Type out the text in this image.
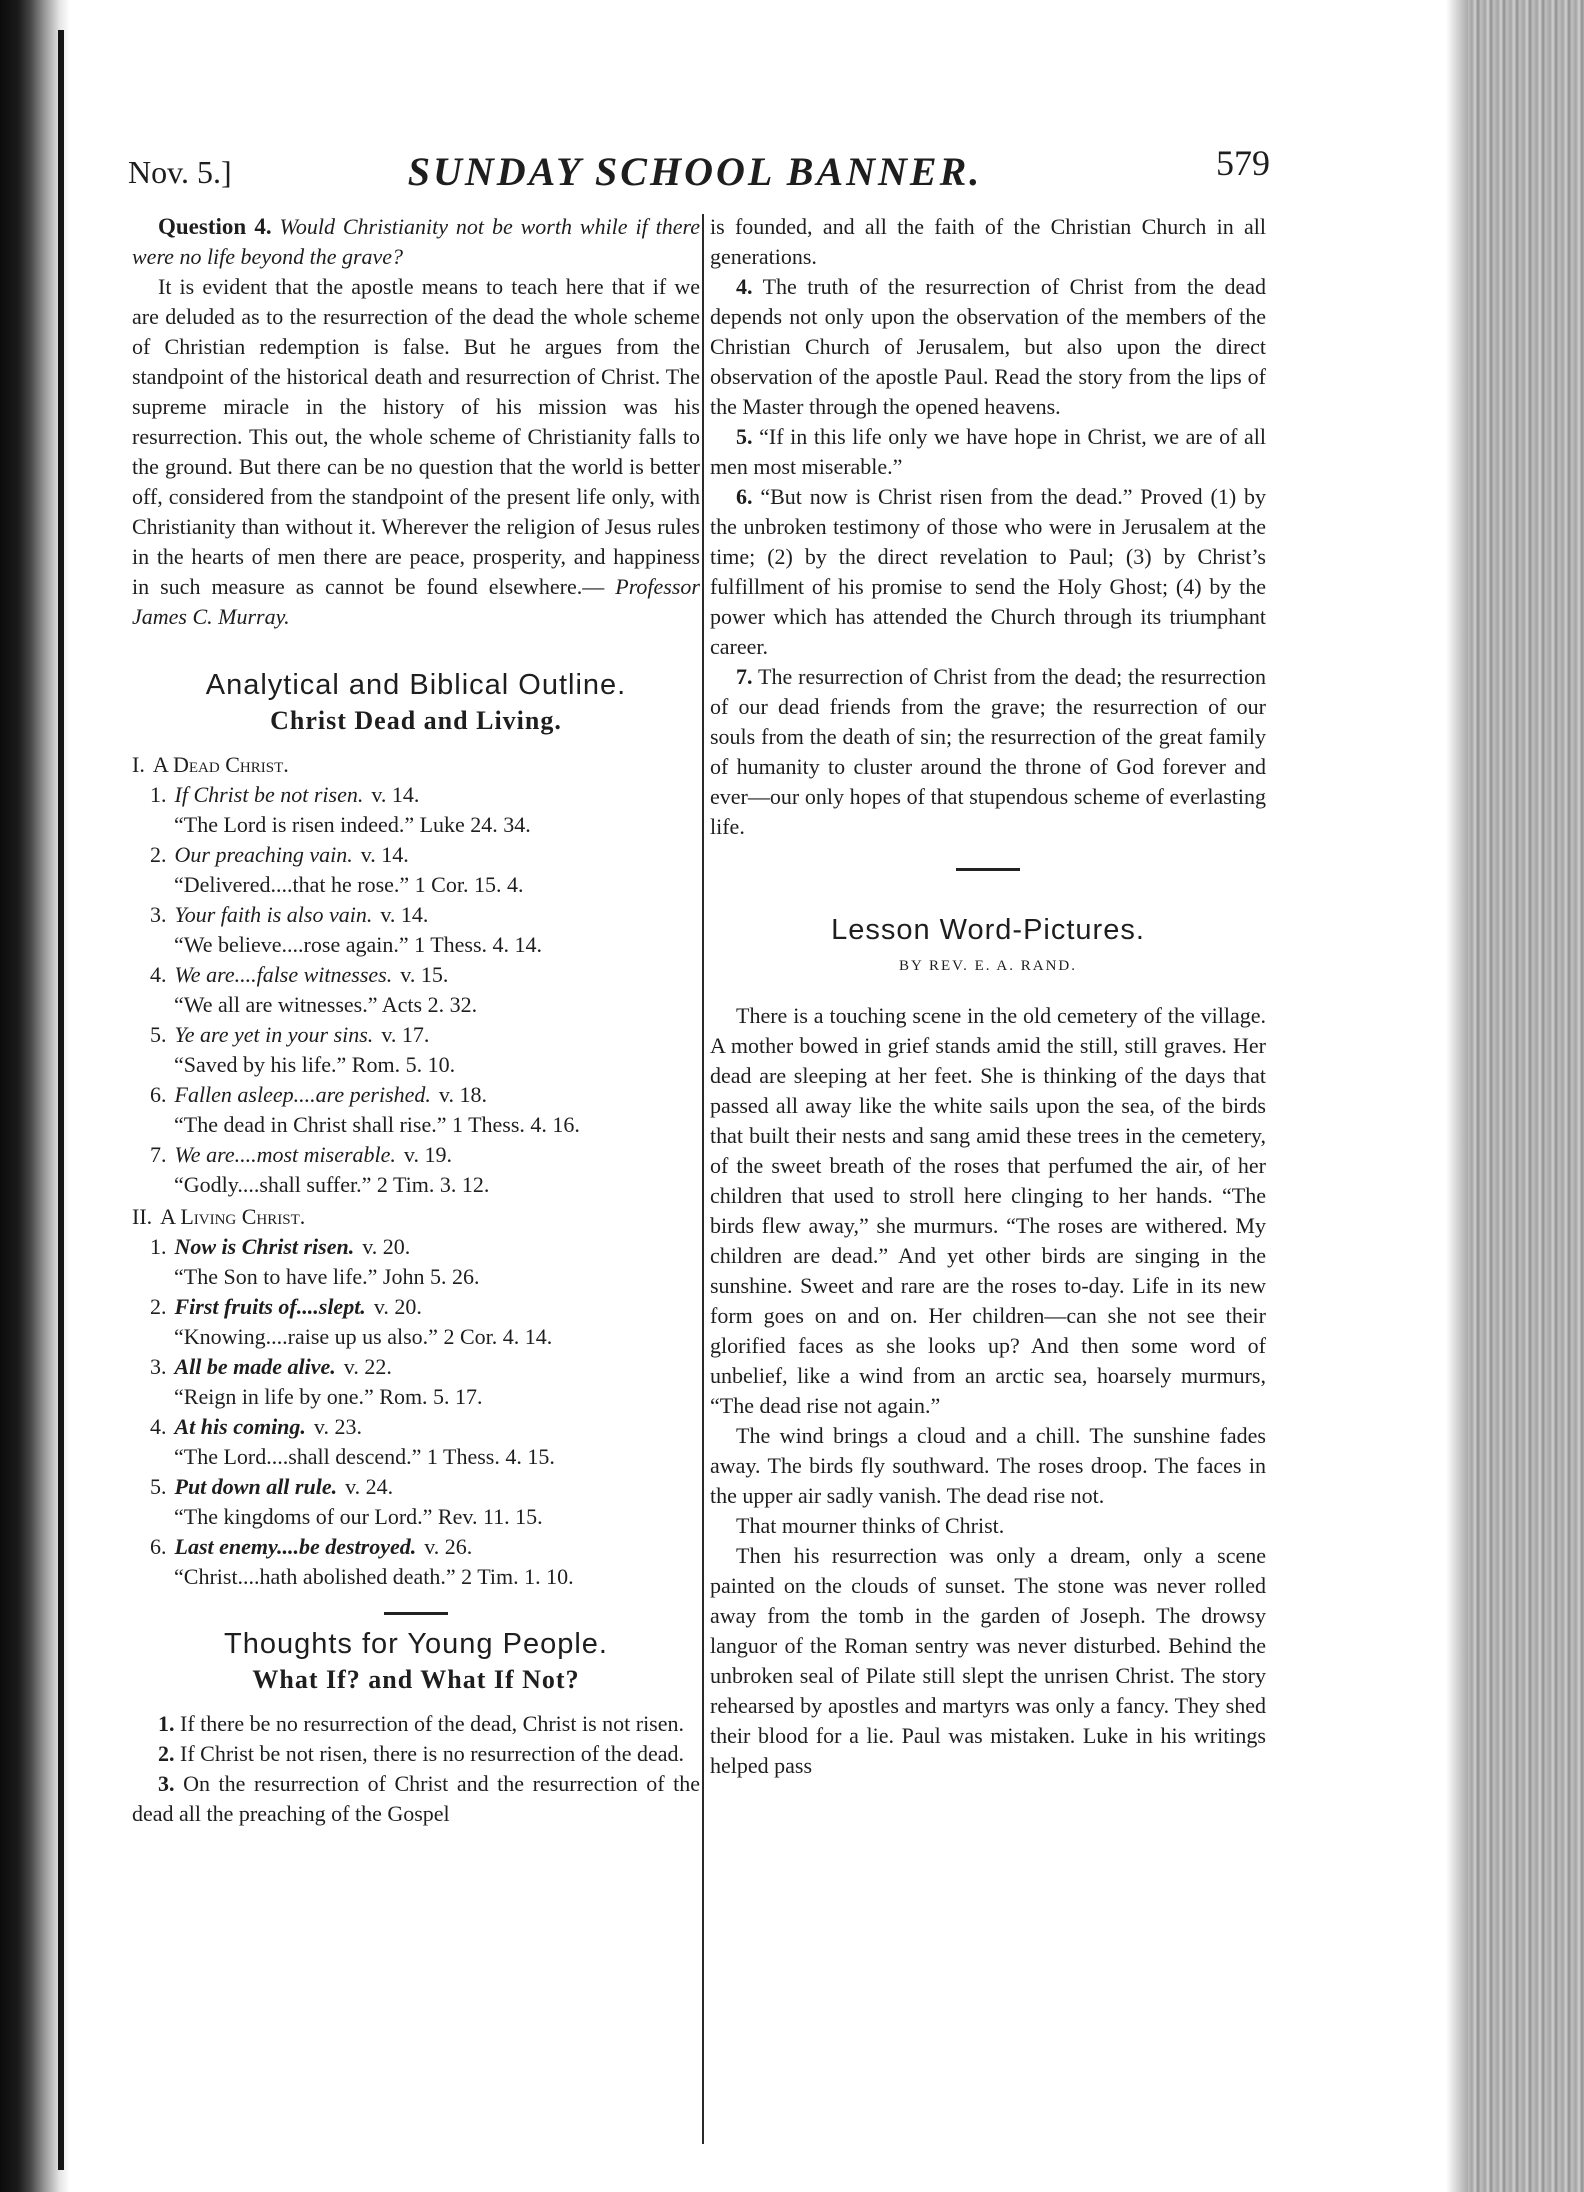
SUNDAY SCHOOL BANNER.
Nov. 5.]	579

Question 4. Would Christianity not be worth while if there were no life beyond the grave?

It is evident that the apostle means to teach here that if we are deluded as to the resurrection of the dead the whole scheme of Christian redemption is false. But he argues from the standpoint of the historical death and resurrection of Christ. The supreme miracle in the history of his mission was his resurrection. This out, the whole scheme of Christianity falls to the ground. But there can be no question that the world is better off, considered from the standpoint of the present life only, with Christianity than without it. Wherever the religion of Jesus rules in the hearts of men there are peace, prosperity, and happiness in such measure as cannot be found elsewhere.— Professor James C. Murray.

Analytical and Biblical Outline.
Christ Dead and Living.

I. A Dead Christ.

1. If Christ be not risen. v. 14.

“The Lord is risen indeed.” Luke 24. 34.

2. Our preaching vain. v. 14.

“Delivered....that he rose.” 1 Cor. 15. 4.

3. Your faith is also vain. v. 14.

“We believe....rose again.” 1 Thess. 4. 14.

4. We are....false witnesses. v. 15.

“We all are witnesses.” Acts 2. 32.

5. Ye are yet in your sins. v. 17.

“Saved by his life.” Rom. 5. 10.

6. Fallen asleep....are perished. v. 18.

“The dead in Christ shall rise.” 1 Thess. 4. 16.

7. We are....most miserable. v. 19.

“Godly....shall suffer.” 2 Tim. 3. 12.

II. A Living Christ.

1. Now is Christ risen. v. 20.

“The Son to have life.” John 5. 26.

2. First fruits of....slept. v. 20.

“Knowing....raise up us also.” 2 Cor. 4. 14.

3. All be made alive. v. 22.

“Reign in life by one.” Rom. 5. 17.

4. At his coming. v. 23.

“The Lord....shall descend.” 1 Thess. 4. 15.

5. Put down all rule. v. 24.

“The kingdoms of our Lord.” Rev. 11. 15.

6. Last enemy....be destroyed. v. 26.

“Christ....hath abolished death.” 2 Tim. 1. 10.

Thoughts for Young People.
What If? and What If Not?

1. If there be no resurrection of the dead, Christ is not risen.

2. If Christ be not risen, there is no resurrection of the dead.

3. On the resurrection of Christ and the resurrection of the dead all the preaching of the Gospel

is founded, and all the faith of the Christian Church in all generations.

4. The truth of the resurrection of Christ from the dead depends not only upon the observation of the members of the Christian Church of Jerusalem, but also upon the direct observation of the apostle Paul. Read the story from the lips of the Master through the opened heavens.

5. “If in this life only we have hope in Christ, we are of all men most miserable.”

6. “But now is Christ risen from the dead.” Proved (1) by the unbroken testimony of those who were in Jerusalem at the time; (2) by the direct revelation to Paul; (3) by Christ’s fulfillment of his promise to send the Holy Ghost; (4) by the power which has attended the Church through its triumphant career.

7. The resurrection of Christ from the dead; the resurrection of our dead friends from the grave; the resurrection of our souls from the death of sin; the resurrection of the great family of humanity to cluster around the throne of God forever and ever—our only hopes of that stupendous scheme of everlasting life.

Lesson Word-Pictures.
BY REV. E. A. RAND.

There is a touching scene in the old cemetery of the village. A mother bowed in grief stands amid the still, still graves. Her dead are sleeping at her feet. She is thinking of the days that passed all away like the white sails upon the sea, of the birds that built their nests and sang amid these trees in the cemetery, of the sweet breath of the roses that perfumed the air, of her children that used to stroll here clinging to her hands. “The birds flew away,” she murmurs. “The roses are withered. My children are dead.” And yet other birds are singing in the sunshine. Sweet and rare are the roses to-day. Life in its new form goes on and on. Her children—can she not see their glorified faces as she looks up? And then some word of unbelief, like a wind from an arctic sea, hoarsely murmurs, “The dead rise not again.”

The wind brings a cloud and a chill. The sunshine fades away. The birds fly southward. The roses droop. The faces in the upper air sadly vanish. The dead rise not.

That mourner thinks of Christ.

Then his resurrection was only a dream, only a scene painted on the clouds of sunset. The stone was never rolled away from the tomb in the garden of Joseph. The drowsy languor of the Roman sentry was never disturbed. Behind the unbroken seal of Pilate still slept the unrisen Christ. The story rehearsed by apostles and martyrs was only a fancy. They shed their blood for a lie. Paul was mistaken. Luke in his writings helped pass
